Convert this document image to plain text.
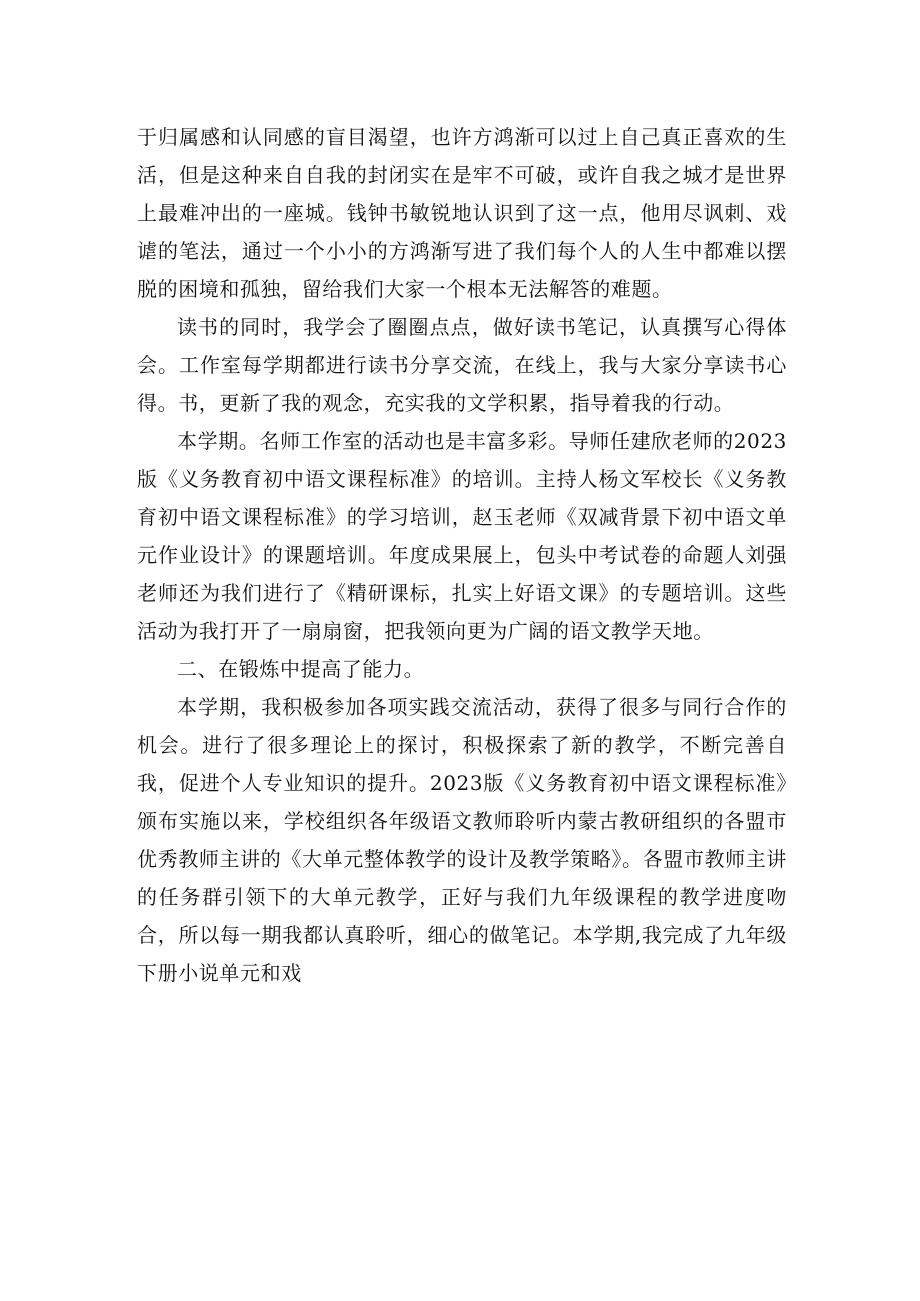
于归属感和认同感的盲目渴望，也许方鸿渐可以过上自己真正喜欢的生活，但是这种来自自我的封闭实在是牢不可破，或许自我之城才是世界上最难冲出的一座城。钱钟书敏锐地认识到了这一点，他用尽讽刺、戏谑的笔法，通过一个小小的方鸿渐写进了我们每个人的人生中都难以摆脱的困境和孤独，留给我们大家一个根本无法解答的难题。

读书的同时，我学会了圈圈点点，做好读书笔记，认真撰写心得体会。工作室每学期都进行读书分享交流，在线上，我与大家分享读书心得。书，更新了我的观念，充实我的文学积累，指导着我的行动。

本学期。名师工作室的活动也是丰富多彩。导师任建欣老师的2023版《义务教育初中语文课程标准》的培训。主持人杨文军校长《义务教育初中语文课程标准》的学习培训，赵玉老师《双减背景下初中语文单元作业设计》的课题培训。年度成果展上，包头中考试卷的命题人刘强老师还为我们进行了《精研课标，扎实上好语文课》的专题培训。这些活动为我打开了一扇扇窗，把我领向更为广阔的语文教学天地。

二、在锻炼中提高了能力。

本学期，我积极参加各项实践交流活动，获得了很多与同行合作的机会。进行了很多理论上的探讨，积极探索了新的教学，不断完善自我，促进个人专业知识的提升。2023版《义务教育初中语文课程标准》颁布实施以来，学校组织各年级语文教师聆听内蒙古教研组织的各盟市优秀教师主讲的《大单元整体教学的设计及教学策略》。各盟市教师主讲的任务群引领下的大单元教学，正好与我们九年级课程的教学进度吻合，所以每一期我都认真聆听，细心的做笔记。本学期,我完成了九年级下册小说单元和戏
